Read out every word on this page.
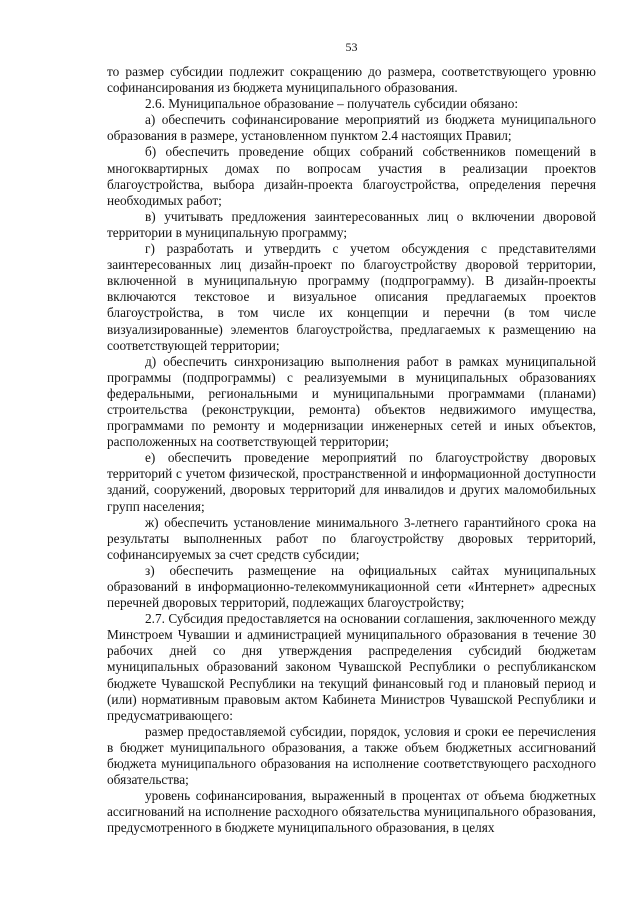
53

то размер субсидии подлежит сокращению до размера, соответствующего уровню софинансирования из бюджета муниципального образования.

2.6. Муниципальное образование – получатель субсидии обязано:

а) обеспечить софинансирование мероприятий из бюджета муниципального образования в размере, установленном пунктом 2.4 настоящих Правил;

б) обеспечить проведение общих собраний собственников помещений в многоквартирных домах по вопросам участия в реализации проектов благоустройства, выбора дизайн-проекта благоустройства, определения перечня необходимых работ;

в) учитывать предложения заинтересованных лиц о включении дворовой территории в муниципальную программу;

г) разработать и утвердить с учетом обсуждения с представителями заинтересованных лиц дизайн-проект по благоустройству дворовой территории, включенной в муниципальную программу (подпрограмму). В дизайн-проекты включаются текстовое и визуальное описания предлагаемых проектов благоустройства, в том числе их концепции и перечни (в том числе визуализированные) элементов благоустройства, предлагаемых к размещению на соответствующей территории;

д) обеспечить синхронизацию выполнения работ в рамках муниципальной программы (подпрограммы) с реализуемыми в муниципальных образованиях федеральными, региональными и муниципальными программами (планами) строительства (реконструкции, ремонта) объектов недвижимого имущества, программами по ремонту и модернизации инженерных сетей и иных объектов, расположенных на соответствующей территории;

е) обеспечить проведение мероприятий по благоустройству дворовых территорий с учетом физической, пространственной и информационной доступности зданий, сооружений, дворовых территорий для инвалидов и других маломобильных групп населения;

ж) обеспечить установление минимального 3-летнего гарантийного срока на результаты выполненных работ по благоустройству дворовых территорий, софинансируемых за счет средств субсидии;

з) обеспечить размещение на официальных сайтах муниципальных образований в информационно-телекоммуникационной сети «Интернет» адресных перечней дворовых территорий, подлежащих благоустройству;

2.7. Субсидия предоставляется на основании соглашения, заключенного между Минстроем Чувашии и администрацией муниципального образования в течение 30 рабочих дней со дня утверждения распределения субсидий бюджетам муниципальных образований законом Чувашской Республики о республиканском бюджете Чувашской Республики на текущий финансовый год и плановый период и (или) нормативным правовым актом Кабинета Министров Чувашской Республики и предусматривающего:

размер предоставляемой субсидии, порядок, условия и сроки ее перечисления в бюджет муниципального образования, а также объем бюджетных ассигнований бюджета муниципального образования на исполнение соответствующего расходного обязательства;

уровень софинансирования, выраженный в процентах от объема бюджетных ассигнований на исполнение расходного обязательства муниципального образования, предусмотренного в бюджете муниципального образования, в целях
